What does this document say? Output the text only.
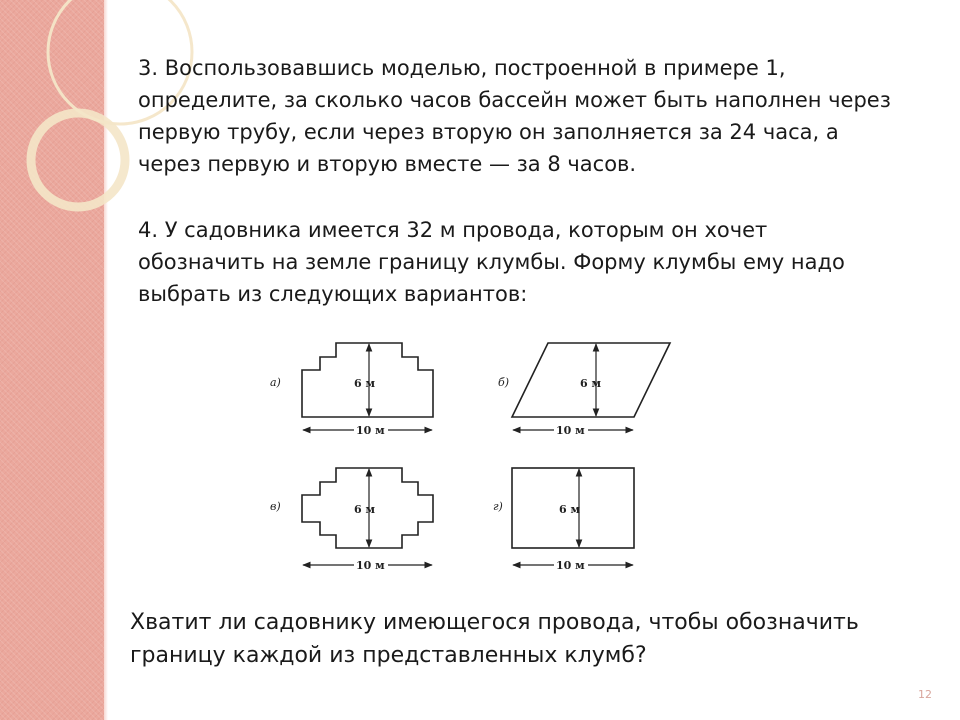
3. Воспользовавшись моделью, построенной в примере 1,
определите, за сколько часов бассейн может быть наполнен через
первую трубу, если через вторую он заполняется за 24 часа, а
через первую и вторую вместе — за 8 часов.
4. У садовника имеется 32 м провода, которым он хочет
обозначить на земле границу клумбы. Форму клумбы ему надо
выбрать из следующих вариантов:
а)	6 м
10 м
б)	6 м
10 м
в)	6 м
10 м
г)	6 м
10 м
Хватит ли садовнику имеющегося провода, чтобы обозначить
границу каждой из представленных клумб?
12
